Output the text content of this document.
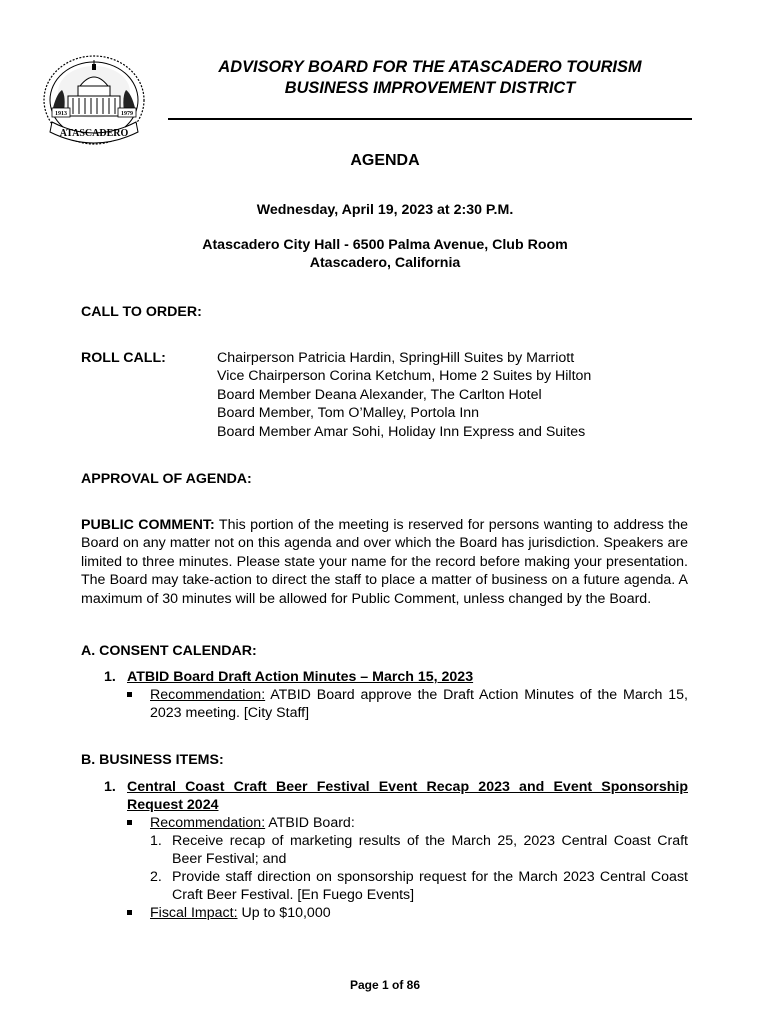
1913	1979
ATASCADERO
ADVISORY BOARD FOR THE ATASCADERO TOURISM
BUSINESS IMPROVEMENT DISTRICT
AGENDA
Wednesday, April 19, 2023 at 2:30 P.M.
Atascadero City Hall - 6500 Palma Avenue, Club Room
Atascadero, California
CALL TO ORDER:
ROLL CALL:	Chairperson Patricia Hardin, SpringHill Suites by Marriott
Vice Chairperson Corina Ketchum, Home 2 Suites by Hilton
Board Member Deana Alexander, The Carlton Hotel
Board Member, Tom O’Malley, Portola Inn
Board Member Amar Sohi, Holiday Inn Express and Suites
APPROVAL OF AGENDA:
PUBLIC COMMENT: This portion of the meeting is reserved for persons wanting to address the Board on any matter not on this agenda and over which the Board has jurisdiction. Speakers are limited to three minutes. Please state your name for the record before making your presentation. The Board may take-action to direct the staff to place a matter of business on a future agenda. A maximum of 30 minutes will be allowed for Public Comment, unless changed by the Board.
A. CONSENT CALENDAR:
1. ATBID Board Draft Action Minutes – March 15, 2023
Recommendation: ATBID Board approve the Draft Action Minutes of the March 15, 2023 meeting. [City Staff]
B. BUSINESS ITEMS:
1. Central Coast Craft Beer Festival Event Recap 2023 and Event Sponsorship
Request 2024
Recommendation: ATBID Board:
1. Receive recap of marketing results of the March 25, 2023 Central Coast Craft Beer Festival; and
2. Provide staff direction on sponsorship request for the March 2023 Central Coast Craft Beer Festival. [En Fuego Events]
Fiscal Impact: Up to $10,000
Page 1 of 86
